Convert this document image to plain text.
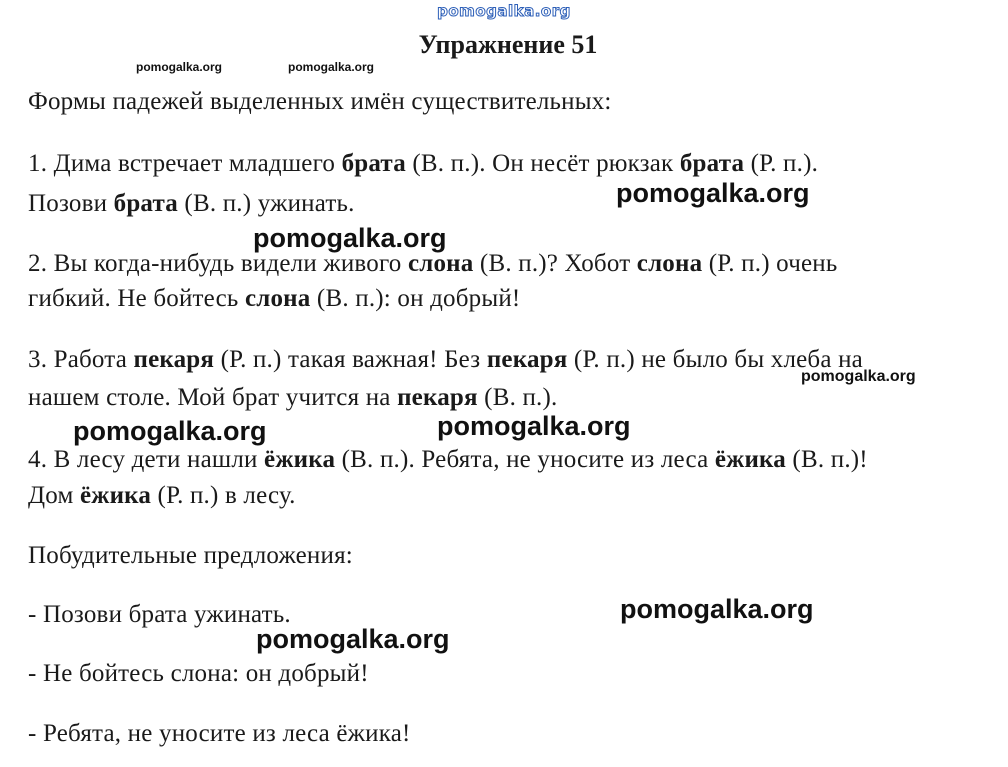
pomogalka.org
pomogalka.org	pomogalka.org
Упражнение 51
Формы падежей выделенных имён существительных:
1. Дима встречает младшего брата (В. п.). Он несёт рюкзак брата (Р. п.).
Позови брата (В. п.) ужинать.
2. Вы когда-нибудь видели живого слона (В. п.)? Хобот слона (Р. п.) очень
гибкий. Не бойтесь слона (В. п.): он добрый!
3. Работа пекаря (Р. п.) такая важная! Без пекаря (Р. п.) не было бы хлеба на
нашем столе. Мой брат учится на пекаря (В. п.).
4. В лесу дети нашли ёжика (В. п.). Ребята, не уносите из леса ёжика (В. п.)!
Дом ёжика (Р. п.) в лесу.
Побудительные предложения:
- Позови брата ужинать.
- Не бойтесь слона: он добрый!
- Ребята, не уносите из леса ёжика!
pomogalka.org
pomogalka.org
pomogalka.org
pomogalka.org	pomogalka.org
pomogalka.org
pomogalka.org
